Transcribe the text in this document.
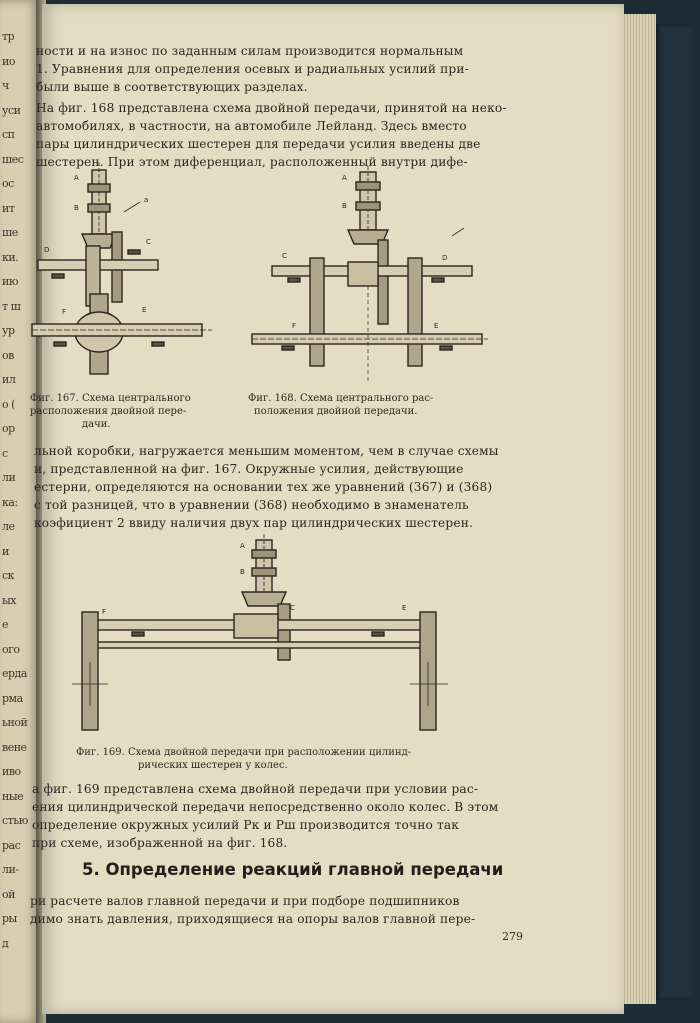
тр
ио
ч
уси
сп
шес
ос
ит
ше
ки.
ию
т ш
ур
ов
ил
о (
ор
с
ли
ка:
ле
и
ск
ых
е
ого
ерда
рма
ьной
вене
иво
ные
стью
рас
ли-
ой
ры
д
ности и на износ по заданным силам производится нормальным
1. Уравнения для определения осевых и радиальных усилий при-
были выше в соответствующих разделах.
На фиг. 168 представлена схема двойной передачи, принятой на неко-
автомобилях, в частности, на автомобиле Лейланд. Здесь вместо
пары цилиндрических шестерен для передачи усилия введены две
шестерен. При этом диференциал, расположенный внутри дифе-
А
В
С
D
F	Е
a
А
В
С	D
F	Е
Фиг. 167. Схема центрального
расположения двойной пере-
дачи.
Фиг. 168. Схема центрального рас-
положения двойной передачи.
льной коробки, нагружается меньшим моментом, чем в случае схемы
и, представленной на фиг. 167. Окружные усилия, действующие
естерни, определяются на основании тех же уравнений (367) и (368)
с той разницей, что в уравнении (368) необходимо в знаменатель
коэфициент 2 ввиду наличия двух пар цилиндрических шестерен.
А
В
F	С	Е
Фиг. 169. Схема двойной передачи при расположении цилинд-
рических шестерен у колес.
а фиг. 169 представлена схема двойной передачи при условии рас-
ения цилиндрической передачи непосредственно около колес. В этом
определение окружных усилий Pк и Pш производится точно так
при схеме, изображенной на фиг. 168.
5. Определение реакций главной передачи
ри расчете валов главной передачи и при подборе подшипников
димо знать давления, приходящиеся на опоры валов главной пере-
279
